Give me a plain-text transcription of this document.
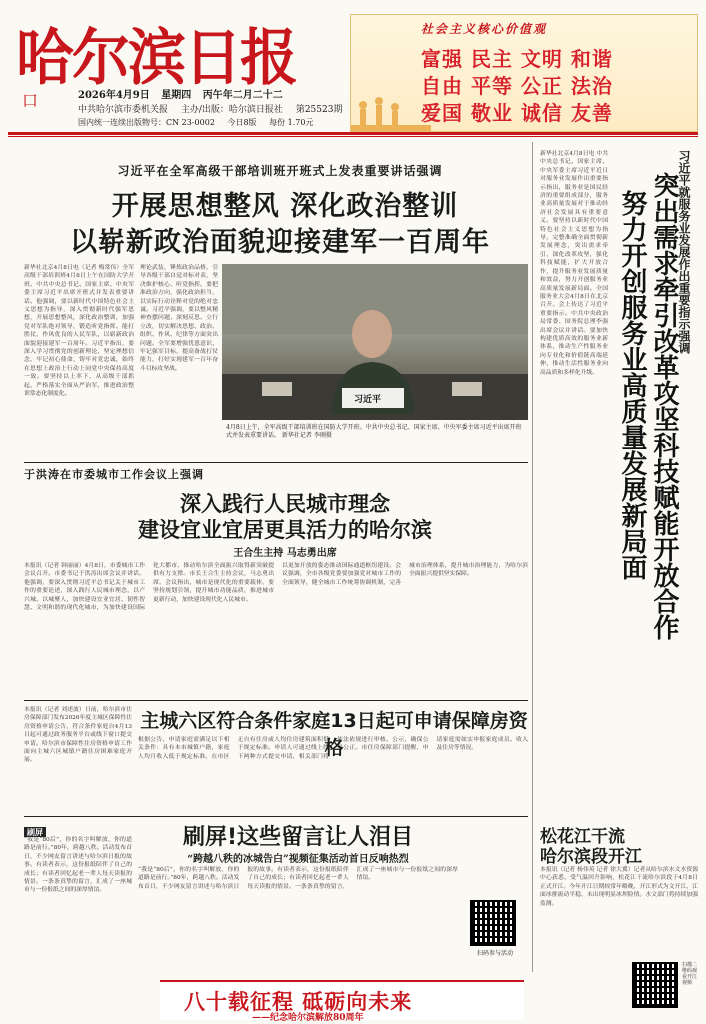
哈尔滨日报
口	2026年4月9日 星期四 丙午年二月二十二
中共哈尔滨市委机关报 主办/出版：哈尔滨日报社 第25523期
国内统一连续出版物号：CN 23-0002 今日8版 每份 1.70元
社会主义核心价值观
富强 民主 文明 和谐
自由 平等 公正 法治
爱国 敬业 诚信 友善
习近平在全军高级干部培训班开班式上发表重要讲话强调
开展思想整风 深化政治整训
以崭新政治面貌迎接建军一百周年
新华社北京4月8日电（记者 梅常伟）全军高级干部培训班4月8日上午在国防大学开班。中共中央总书记、国家主席、中央军委主席习近平出席开班式并发表重要讲话。他强调，要以新时代中国特色社会主义思想为指导，深入贯彻新时代强军思想，开展思想整风，深化政治整训，加强党对军队绝对领导，锻造听党指挥、能打胜仗、作风优良的人民军队，以崭新政治面貌迎接建军一百周年。习近平指出，要深入学习贯彻党的创新理论，坚定理想信念，牢记初心使命，铸牢对党忠诚，始终在思想上政治上行动上同党中央保持高度一致。要坚持以上率下，从高级干部抓起，严格落实全面从严治军，推进政治整训常态化制度化。
理论武装，锤炼政治品格，引导各级干部自觉对标对表，坚决维护核心、听党指挥。要把准政治方向，强化政治担当，以实际行动诠释对党的绝对忠诚。习近平强调，要以整风精神查摆问题、深刻反思、立行立改，切实解决思想、政治、组织、作风、纪律等方面突出问题。全军要增强忧患意识，牢记强军目标，提高备战打仗能力，打好实现建军一百年奋斗目标攻坚战。
习近平
4月8日上午，全军高级干部培训班在国防大学开班。中共中央总书记、国家主席、中央军委主席习近平出席开班式并发表重要讲话。 新华社记者 李刚摄
习近平就服务业发展作出重要指示强调
突出需求牵引改革攻坚科技赋能开放合作
努力开创服务业高质量发展新局面
新华社北京4月8日电 中共中央总书记、国家主席、中央军委主席习近平近日对服务业发展作出重要指示指出，服务业是国民经济的重要组成部分，服务业高质量发展对于推动经济社会发展具有重要意义。要坚持以新时代中国特色社会主义思想为指导，完整准确全面贯彻新发展理念，突出需求牵引，深化改革攻坚，强化科技赋能，扩大开放合作，提升服务业发展质量和效益，努力开创服务业高质量发展新局面。全国服务业大会4月8日在北京召开。会上传达了习近平重要指示。中共中央政治局常委、国务院总理李强出席会议并讲话。要加快构建优质高效的服务业新体系，推动生产性服务业向专业化和价值链高端延伸，推动生活性服务业向高品质和多样化升级。
于洪涛在市委城市工作会议上强调
深入践行人民城市理念
建设宜业宜居更具活力的哈尔滨
王合生主持 马志勇出席
本报讯（记者 韩丽丽）4月8日，市委城市工作会议召开。市委书记于洪涛出席会议并讲话。他强调，要深入贯彻习近平总书记关于城市工作的重要论述，深入践行人民城市理念，以产兴城、以城聚人，加快建设宜业宜居、韧性智慧、文明和谐的现代化城市，为加快建设国际化大都市、推动哈尔滨全面振兴取得新突破提供有力支撑。市长王合生主持会议，马志勇出席。会议指出，城市是现代化的重要载体，要坚持规划引领，提升城市功能品质，推进城市更新行动，加快建设现代化人民城市。
以更加开放的姿态推动国际通道枢纽建设。会议强调，全市各级党委要加强党对城市工作的全面领导，健全城市工作统筹协调机制，完善城市治理体系，提升城市治理能力，为哈尔滨全面振兴提供坚实保障。
本报讯（记者 刘述波）日前，哈尔滨市住房保障部门发布2026年度主城区保障性住房资格申请公告，符合条件家庭自4月13日起可通过政务服务平台或线下窗口提交申请。哈尔滨市保障性住房资格申请工作面向主城六区城镇户籍住房困难家庭开展。
主城六区符合条件家庭13日起可申请保障房资格
根据公告，申请家庭需满足以下相关条件：具有本市城镇户籍，家庭人均月收入低于规定标准，在市区无自有住房或人均住房建筑面积低于规定标准。申请人可通过线上线下两种方式提交申请，相关部门将依法依规进行审核、公示，确保公平公正。市住房保障部门提醒，申请家庭需如实申报家庭成员、收入及住房等情况。
刷屏	刷屏!这些留言让人泪目
“跨越八秩的冰城告白”视频征集活动首日反响热烈
“我是“80后”，你的名字叫解放，你的道路是前行。”80年，跨越八秩。活动发布首日，不少网友留言讲述与哈尔滨日报的故事。有读者表示，这份报纸陪伴了自己的成长；有读者回忆起老一辈人每天读报的情景。一条条真挚的留言，汇成了一座城市与一份报纸之间的深厚情谊。
“我是“80后”，你的名字叫解放，你的道路是前行。”80年，跨越八秩。活动发布首日，不少网友留言讲述与哈尔滨日报的故事。有读者表示，这份报纸陪伴了自己的成长；有读者回忆起老一辈人每天读报的情景。一条条真挚的留言，汇成了一座城市与一份报纸之间的深厚情谊。
扫码参与活动
松花江干流
哈尔滨段开江
本报讯（记者 杨伟英 记者 徐大冀）记者从哈尔滨水文水资源中心获悉，受气温回升影响，松花江干流哈尔滨段于4月8日正式开江。今年开江日期较常年略晚，开江形式为文开江，江面冰排流动平稳，未出现明显冰坝险情。水文部门将持续加强监测。
扫描二维码观看开江视频
八十载征程 砥砺向未来
——纪念哈尔滨解放80周年
